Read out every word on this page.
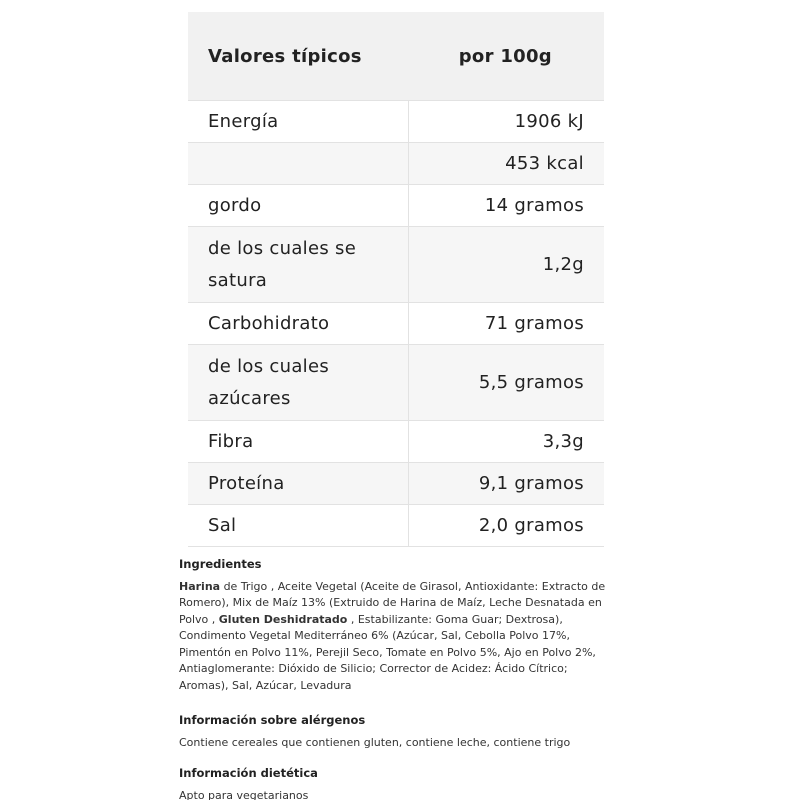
Valores típicos	por 100g
Energía	1906 kJ
	453 kcal
gordo	14 gramos
de los cuales se satura	1,2g
Carbohidrato	71 gramos
de los cuales azúcares	5,5 gramos
Fibra	3,3g
Proteína	9,1 gramos
Sal	2,0 gramos
Ingredientes

Harina de Trigo , Aceite Vegetal (Aceite de Girasol, Antioxidante: Extracto de Romero), Mix de Maíz 13% (Extruido de Harina de Maíz, Leche Desnatada en Polvo , Gluten Deshidratado , Estabilizante: Goma Guar; Dextrosa), Condimento Vegetal Mediterráneo 6% (Azúcar, Sal, Cebolla Polvo 17%, Pimentón en Polvo 11%, Perejil Seco, Tomate en Polvo 5%, Ajo en Polvo 2%, Antiaglomerante: Dióxido de Silicio; Corrector de Acidez: Ácido Cítrico; Aromas), Sal, Azúcar, Levadura

Información sobre alérgenos

Contiene cereales que contienen gluten, contiene leche, contiene trigo

Información dietética

Apto para vegetarianos
